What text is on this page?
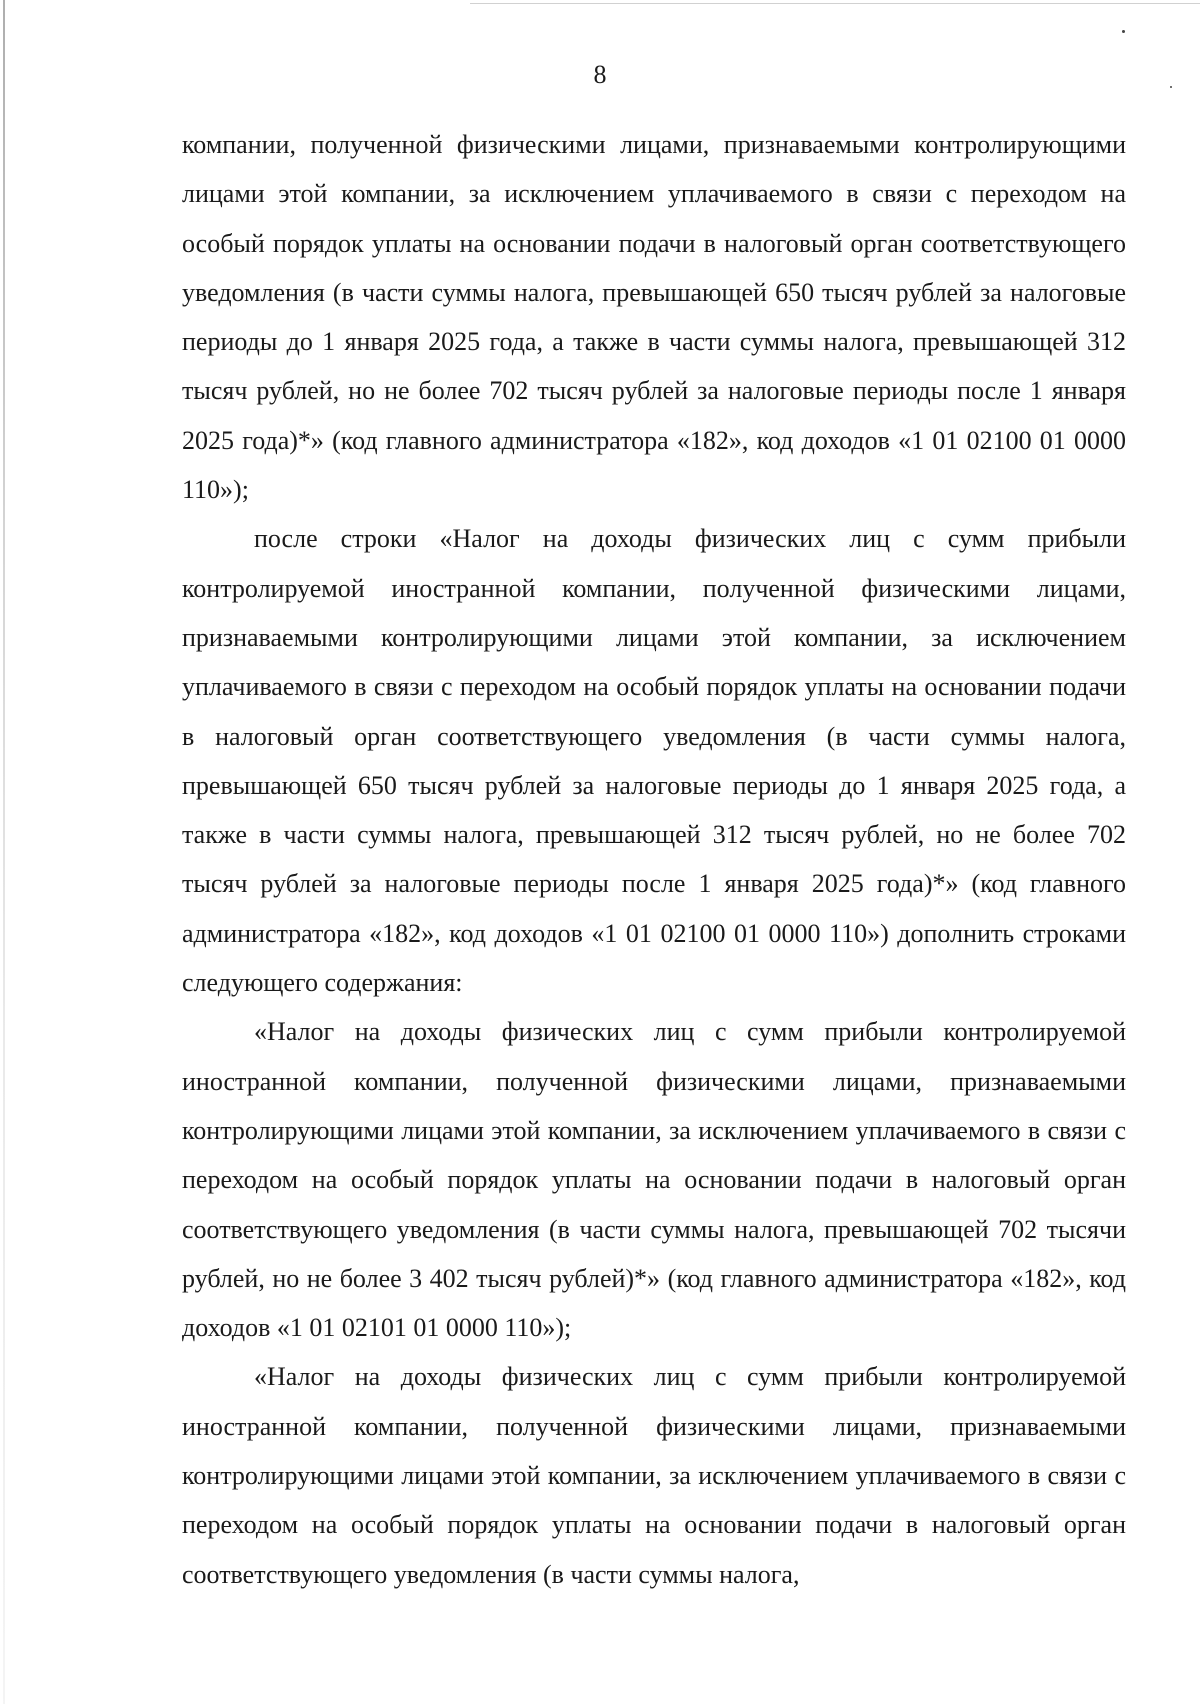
8

компании, полученной физическими лицами, признаваемыми контролирующими лицами этой компании, за исключением уплачиваемого в связи с переходом на особый порядок уплаты на основании подачи в налоговый орган соответствующего уведомления (в части суммы налога, превышающей 650 тысяч рублей за налоговые периоды до 1 января 2025 года, а также в части суммы налога, превышающей 312 тысяч рублей, но не более 702 тысяч рублей за налоговые периоды после 1 января 2025 года)*» (код главного администратора «182», код доходов «1 01 02100 01 0000 110»);

после строки «Налог на доходы физических лиц с сумм прибыли контролируемой иностранной компании, полученной физическими лицами, признаваемыми контролирующими лицами этой компании, за исключением уплачиваемого в связи с переходом на особый порядок уплаты на основании подачи в налоговый орган соответствующего уведомления (в части суммы налога, превышающей 650 тысяч рублей за налоговые периоды до 1 января 2025 года, а также в части суммы налога, превышающей 312 тысяч рублей, но не более 702 тысяч рублей за налоговые периоды после 1 января 2025 года)*» (код главного администратора «182», код доходов «1 01 02100 01 0000 110») дополнить строками следующего содержания:

«Налог на доходы физических лиц с сумм прибыли контролируемой иностранной компании, полученной физическими лицами, признаваемыми контролирующими лицами этой компании, за исключением уплачиваемого в связи с переходом на особый порядок уплаты на основании подачи в налоговый орган соответствующего уведомления (в части суммы налога, превышающей 702 тысячи рублей, но не более 3 402 тысяч рублей)*» (код главного администратора «182», код доходов «1 01 02101 01 0000 110»);

«Налог на доходы физических лиц с сумм прибыли контролируемой иностранной компании, полученной физическими лицами, признаваемыми контролирующими лицами этой компании, за исключением уплачиваемого в связи с переходом на особый порядок уплаты на основании подачи в налоговый орган соответствующего уведомления (в части суммы налога,
